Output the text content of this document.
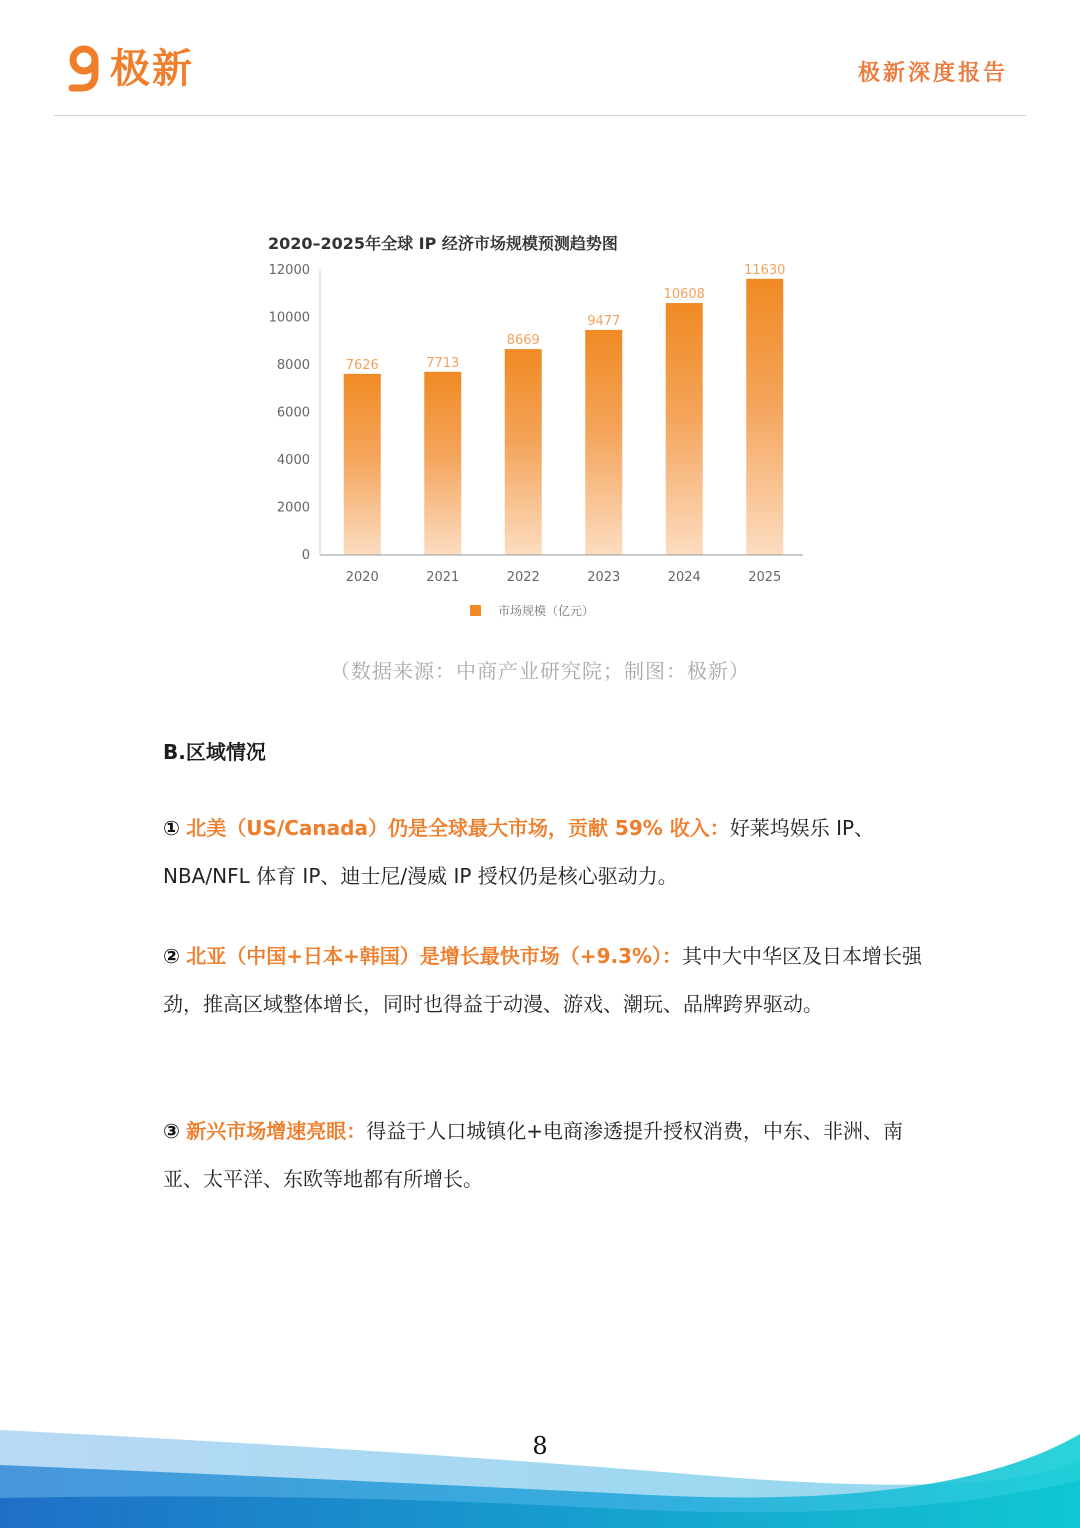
极新	极新深度报告
2020–2025年全球 IP 经济市场规模预测趋势图
0
2000
4000
6000
8000
10000
12000
7626	7713
8669
9477
10608
11630
2020	2021	2022	2023	2024	2025
市场规模（亿元）
（数据来源：中商产业研究院；制图：极新）
B.区域情况
① 北美（US/Canada）仍是全球最大市场，贡献 59% 收入：好莱坞娱乐 IP、NBA/NFL 体育 IP、迪士尼/漫威 IP 授权仍是核心驱动力。
② 北亚（中国+日本+韩国）是增长最快市场（+9.3%）：其中大中华区及日本增长强劲，推高区域整体增长，同时也得益于动漫、游戏、潮玩、品牌跨界驱动。
③ 新兴市场增速亮眼：得益于人口城镇化+电商渗透提升授权消费，中东、非洲、南亚、太平洋、东欧等地都有所增长。
8
